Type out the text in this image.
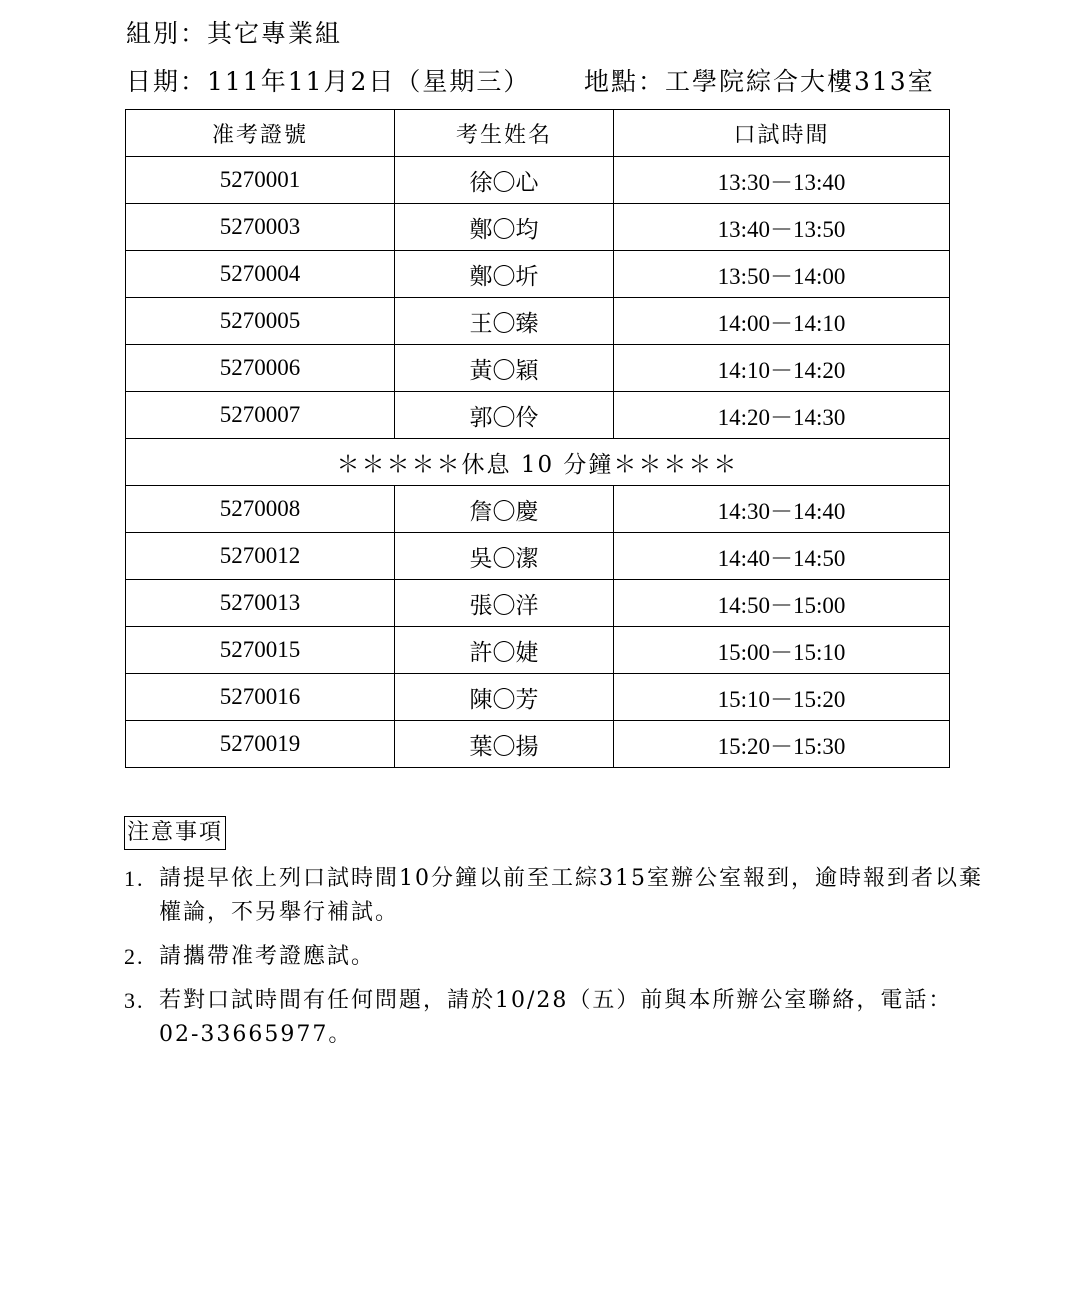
組別：其它專業組
日期：111年11月2日（星期三） 地點：工學院綜合大樓313室
准考證號	考生姓名	口試時間
5270001	徐〇心	13:30－13:40
5270003	鄭〇均	13:40－13:50
5270004	鄭〇圻	13:50－14:00
5270005	王〇臻	14:00－14:10
5270006	黃〇穎	14:10－14:20
5270007	郭〇伶	14:20－14:30
＊＊＊＊＊休息 10 分鐘＊＊＊＊＊		
5270008	詹〇慶	14:30－14:40
5270012	吳〇潔	14:40－14:50
5270013	張〇洋	14:50－15:00
5270015	許〇婕	15:00－15:10
5270016	陳〇芳	15:10－15:20
5270019	葉〇揚	15:20－15:30
注意事項
1. 請提早依上列口試時間10分鐘以前至工綜315室辦公室報到，逾時報到者以棄權論，不另舉行補試。
2. 請攜帶准考證應試。
3. 若對口試時間有任何問題，請於10/28（五）前與本所辦公室聯絡，電話：02-33665977。
